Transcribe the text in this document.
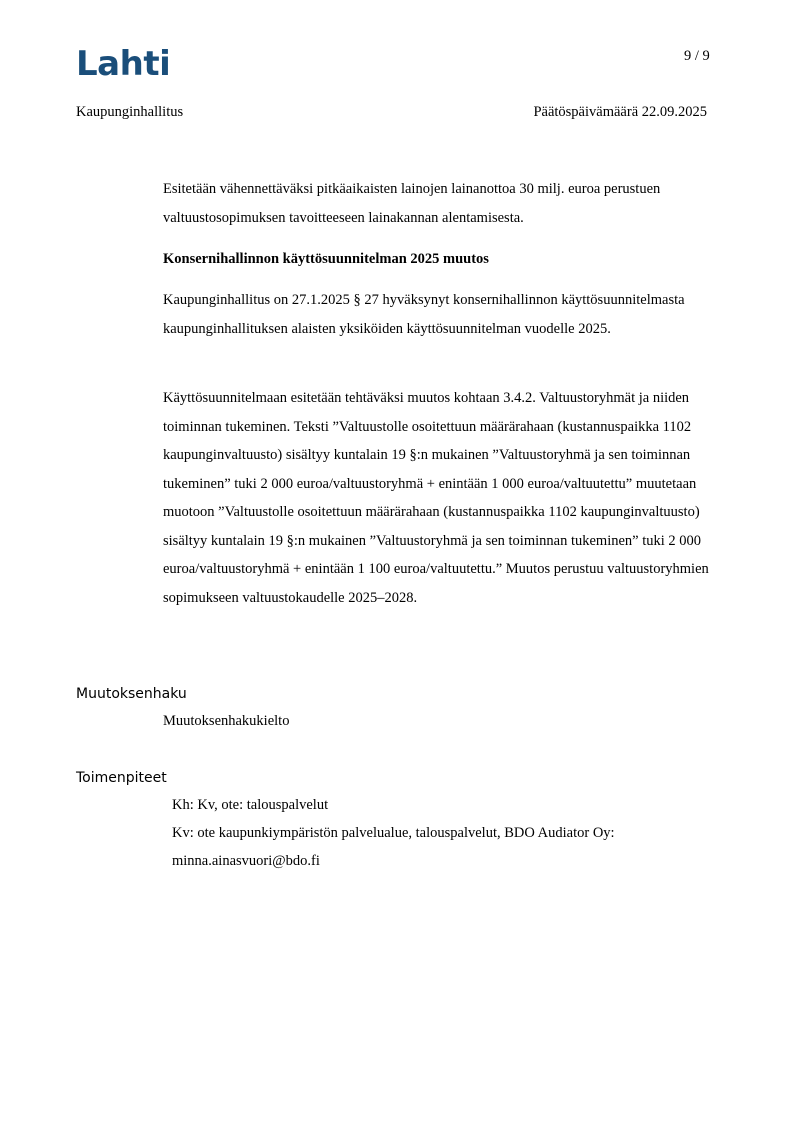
Lahti	9 / 9
Kaupunginhallitus	Päätöspäivämäärä 22.09.2025

Esitetään vähennettäväksi pitkäaikaisten lainojen lainanottoa 30 milj. euroa perustuen valtuustosopimuksen tavoitteeseen lainakannan alentamisesta.

Konsernihallinnon käyttösuunnitelman 2025 muutos

Kaupunginhallitus on 27.1.2025 § 27 hyväksynyt konsernihallinnon käyttösuunnitelmasta kaupunginhallituksen alaisten yksiköiden käyttösuunnitelman vuodelle 2025.

Käyttösuunnitelmaan esitetään tehtäväksi muutos kohtaan 3.4.2. Valtuustoryhmät ja niiden toiminnan tukeminen. Teksti ”Valtuustolle osoitettuun määrärahaan (kustannuspaikka 1102 kaupunginvaltuusto) sisältyy kuntalain 19 §:n mukainen ”Valtuustoryhmä ja sen toiminnan tukeminen” tuki 2 000 euroa/valtuustoryhmä + enintään 1 000 euroa/valtuutettu” muutetaan muotoon ”Valtuustolle osoitettuun määrärahaan (kustannuspaikka 1102 kaupunginvaltuusto) sisältyy kuntalain 19 §:n mukainen ”Valtuustoryhmä ja sen toiminnan tukeminen” tuki 2 000 euroa/valtuustoryhmä + enintään 1 100 euroa/valtuutettu.” Muutos perustuu valtuustoryhmien sopimukseen valtuustokaudelle 2025–2028.

Muutoksenhaku
Muutoksenhakukielto
Toimenpiteet
Kh: Kv, ote: talouspalvelut
Kv: ote kaupunkiympäristön palvelualue, talouspalvelut, BDO Audiator Oy:
minna.ainasvuori@bdo.fi
